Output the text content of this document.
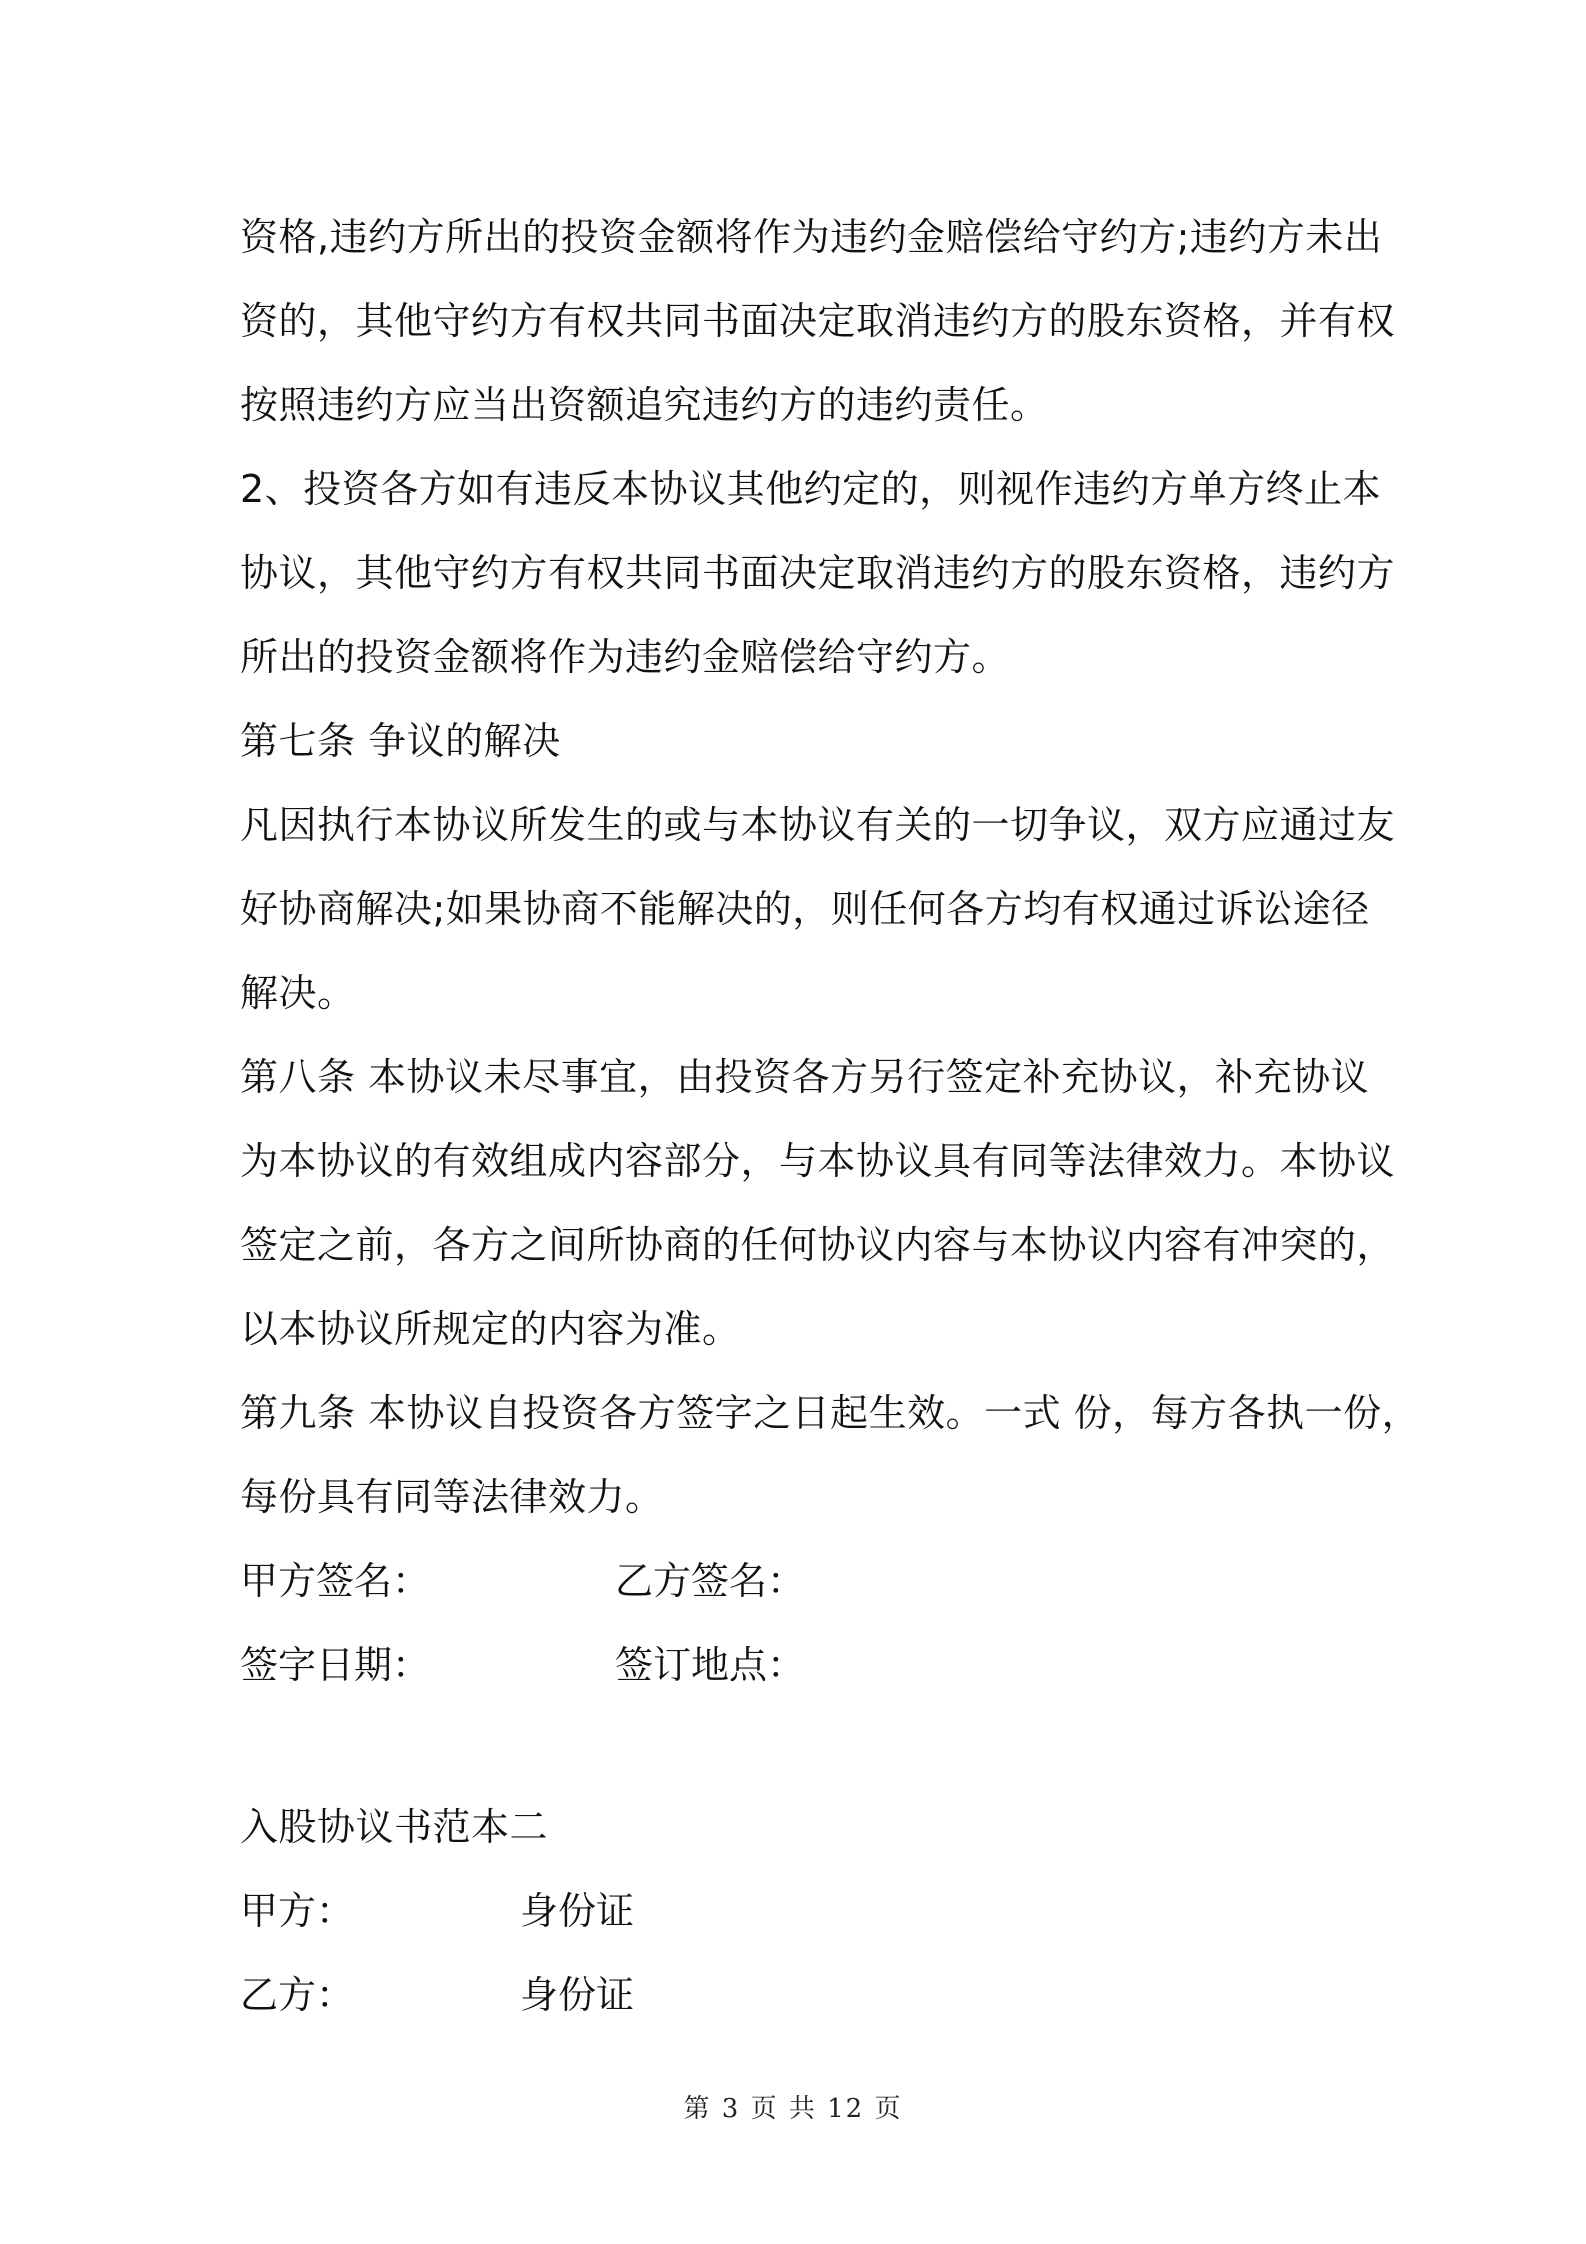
资格,违约方所出的投资金额将作为违约金赔偿给守约方;违约方未出
资的，其他守约方有权共同书面决定取消违约方的股东资格，并有权
按照违约方应当出资额追究违约方的违约责任。
2、投资各方如有违反本协议其他约定的，则视作违约方单方终止本
协议，其他守约方有权共同书面决定取消违约方的股东资格，违约方
所出的投资金额将作为违约金赔偿给守约方。
第七条 争议的解决
凡因执行本协议所发生的或与本协议有关的一切争议，双方应通过友
好协商解决;如果协商不能解决的，则任何各方均有权通过诉讼途径
解决。
第八条 本协议未尽事宜，由投资各方另行签定补充协议，补充协议
为本协议的有效组成内容部分，与本协议具有同等法律效力。本协议
签定之前，各方之间所协商的任何协议内容与本协议内容有冲突的，
以本协议所规定的内容为准。
第九条 本协议自投资各方签字之日起生效。一式 份，每方各执一份，
每份具有同等法律效力。
甲方签名：	乙方签名：
签字日期：	签订地点：
入股协议书范本二
甲方：	身份证
乙方：	身份证
第 3 页 共 12 页
